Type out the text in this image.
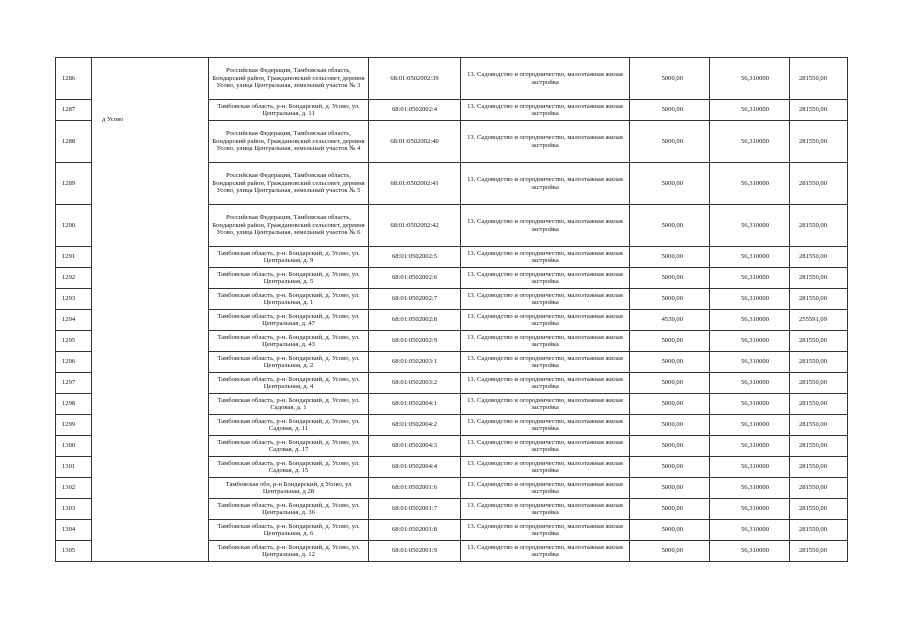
1286	д Усово	Российская Федерация, Тамбовская область, Бондарский район, Граждановский сельсовет, деревня Усово, улица Центральная, земельный участок № 3	68:01:0502002:39	13. Садоводство и огородничество, малоэтажная жилая застройка	5000,00	56,310000	281550,00
1287		Тамбовская область, р-н. Бондарский, д. Усово, ул. Центральная, д. 11	68:01:0502002:4	13. Садоводство и огородничество, малоэтажная жилая застройка	5000,00	56,310000	281550,00
1288		Российская Федерация, Тамбовская область, Бондарский район, Граждановский сельсовет, деревня Усово, улица Центральная, земельный участок № 4	68:01:0502002:40	13. Садоводство и огородничество, малоэтажная жилая застройка	5000,00	56,310000	281550,00
1289		Российская Федерация, Тамбовская область, Бондарский район, Граждановский сельсовет, деревня Усово, улица Центральная, земельный участок № 5	68:01:0502002:41	13. Садоводство и огородничество, малоэтажная жилая застройка	5000,00	56,310000	281550,00
1290		Российская Федерация, Тамбовская область, Бондарский район, Граждановский сельсовет, деревня Усово, улица Центральная, земельный участок № 6	68:01:0502002:42	13. Садоводство и огородничество, малоэтажная жилая застройка	5000,00	56,310000	281550,00
1291		Тамбовская область, р-н. Бондарский, д. Усово, ул. Центральная, д. 9	68:01:0502002:5	13. Садоводство и огородничество, малоэтажная жилая застройка	5000,00	56,310000	281550,00
1292		Тамбовская область, р-н. Бондарский, д. Усово, ул. Центральная, д. 5	68:01:0502002:6	13. Садоводство и огородничество, малоэтажная жилая застройка	5000,00	56,310000	281550,00
1293		Тамбовская область, р-н. Бондарский, д. Усово, ул. Центральная, д. 1	68:01:0502002:7	13. Садоводство и огородничество, малоэтажная жилая застройка	5000,00	56,310000	281550,00
1294		Тамбовская область, р-н. Бондарский, д. Усово, ул. Центральная, д. 47	68:01:0502002:8	13. Садоводство и огородничество, малоэтажная жилая застройка	4539,00	56,310000	255591,09
1295		Тамбовская область, р-н. Бондарский, д. Усово, ул. Центральная, д. 43	68:01:0502002:9	13. Садоводство и огородничество, малоэтажная жилая застройка	5000,00	56,310000	281550,00
1296		Тамбовская область, р-н. Бондарский, д. Усово, ул. Центральная, д. 2	68:01:0502003:1	13. Садоводство и огородничество, малоэтажная жилая застройка	5000,00	56,310000	281550,00
1297		Тамбовская область, р-н. Бондарский, д. Усово, ул. Центральная, д. 4	68:01:0502003:2	13. Садоводство и огородничество, малоэтажная жилая застройка	5000,00	56,310000	281550,00
1298		Тамбовская область, р-н. Бондарский, д. Усово, ул. Садовая, д. 1	68:01:0502004:1	13. Садоводство и огородничество, малоэтажная жилая застройка	5000,00	56,310000	281550,00
1299		Тамбовская область, р-н. Бондарский, д. Усово, ул. Садовая, д. 11	68:01:0502004:2	13. Садоводство и огородничество, малоэтажная жилая застройка	5000,00	56,310000	281550,00
1300		Тамбовская область, р-н. Бондарский, д. Усово, ул. Садовая, д. 17	68:01:0502004:3	13. Садоводство и огородничество, малоэтажная жилая застройка	5000,00	56,310000	281550,00
1301		Тамбовская область, р-н. Бондарский, д. Усово, ул. Садовая, д. 15	68:01:0502004:4	13. Садоводство и огородничество, малоэтажная жилая застройка	5000,00	56,310000	281550,00
1302		Тамбовская обл, р-н Бондарский, д Усово, ул Центральная, д 28	68:01:0502001:6	13. Садоводство и огородничество, малоэтажная жилая застройка	5000,00	56,310000	281550,00
1303		Тамбовская область, р-н. Бондарский, д. Усово, ул. Центральная, д. 36	68:01:0502001:7	13. Садоводство и огородничество, малоэтажная жилая застройка	5000,00	56,310000	281550,00
1304		Тамбовская область, р-н. Бондарский, д. Усово, ул. Центральная, д. 6	68:01:0502001:8	13. Садоводство и огородничество, малоэтажная жилая застройка	5000,00	56,310000	281550,00
1305		Тамбовская область, р-н. Бондарский, д. Усово, ул. Центральная, д. 12	68:01:0502001:9	13. Садоводство и огородничество, малоэтажная жилая застройка	5000,00	56,310000	281550,00
